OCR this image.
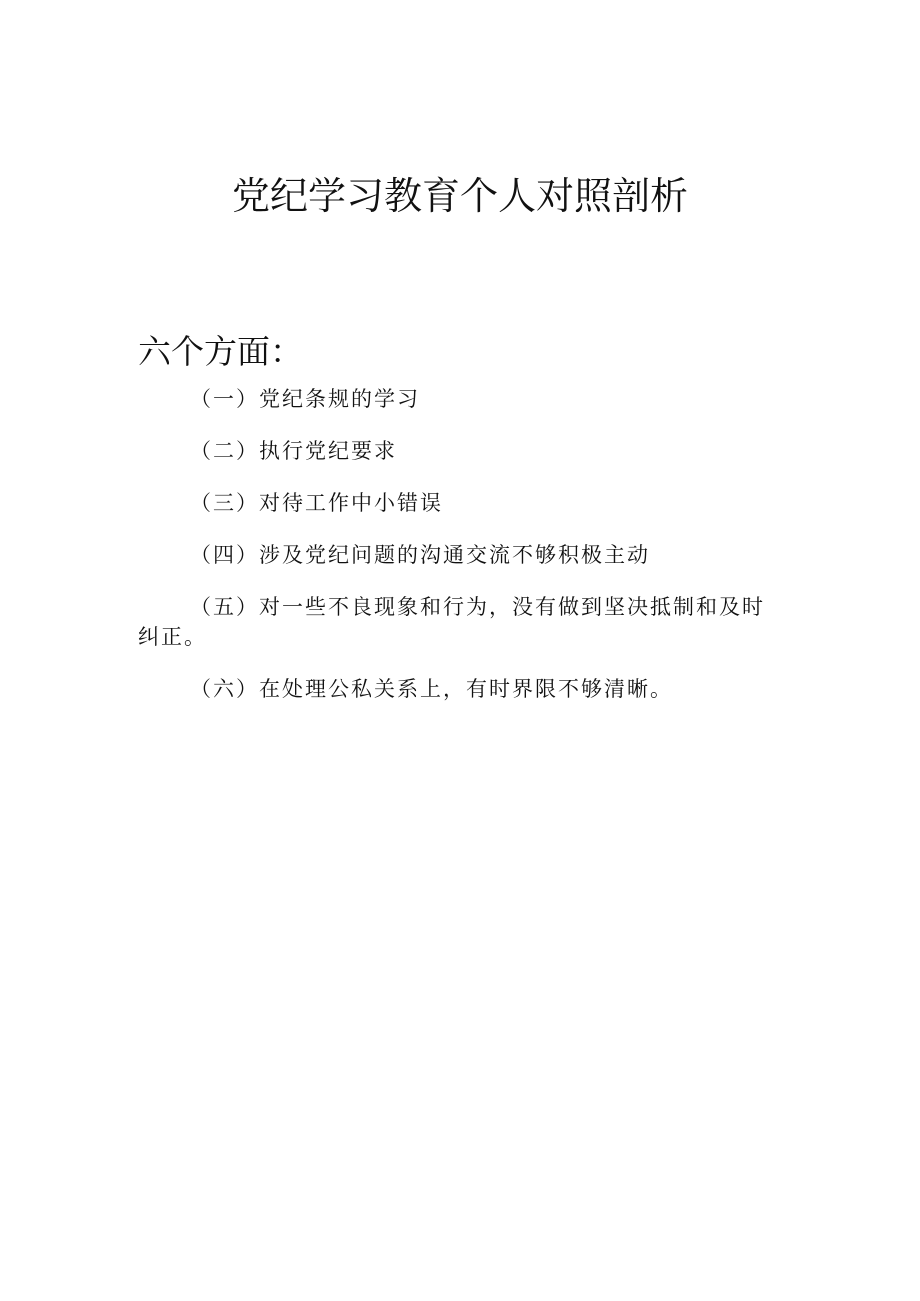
党纪学习教育个人对照剖析
六个方面：

（一）党纪条规的学习

（二）执行党纪要求

（三）对待工作中小错误

（四）涉及党纪问题的沟通交流不够积极主动

（五）对一些不良现象和行为，没有做到坚决抵制和及时纠正。

（六）在处理公私关系上，有时界限不够清晰。
